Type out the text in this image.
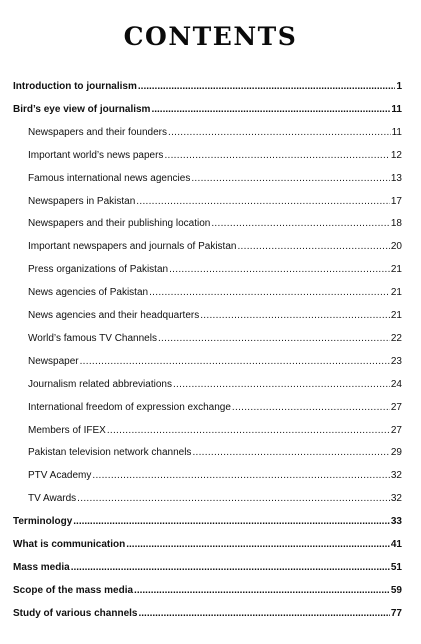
CONTENTS
Introduction to journalism .....	1
Bird’s eye view of journalism .....	11
Newspapers and their founders .....	11
Important world’s news papers .....	12
Famous international news agencies .....	13
Newspapers in Pakistan .....	17
Newspapers and their publishing location .....	18
Important newspapers and journals of Pakistan .....	20
Press organizations of Pakistan .....	21
News agencies of Pakistan .....	21
News agencies and their headquarters .....	21
World’s famous TV Channels .....	22
Newspaper .....	23
Journalism related abbreviations .....	24
International freedom of expression exchange .....	27
Members of IFEX .....	27
Pakistan television network channels .....	29
PTV Academy .....	32
TV Awards .....	32
Terminology .....	33
What is communication .....	41
Mass media .....	51
Scope of the mass media .....	59
Study of various channels .....	77
